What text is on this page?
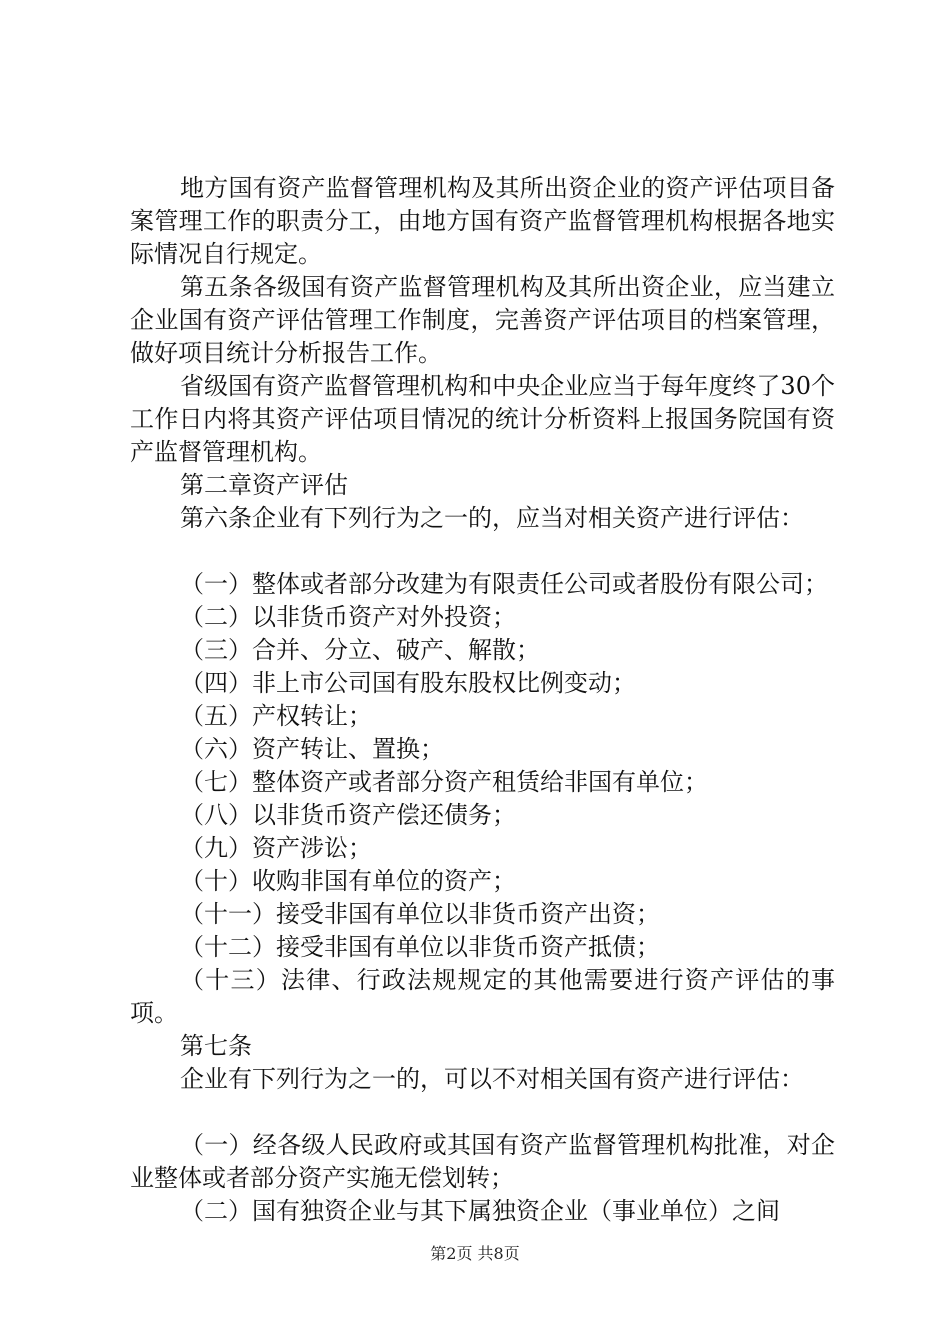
地方国有资产监督管理机构及其所出资企业的资产评估项目备案管理工作的职责分工，由地方国有资产监督管理机构根据各地实际情况自行规定。

第五条各级国有资产监督管理机构及其所出资企业，应当建立企业国有资产评估管理工作制度，完善资产评估项目的档案管理，做好项目统计分析报告工作。

省级国有资产监督管理机构和中央企业应当于每年度终了30个工作日内将其资产评估项目情况的统计分析资料上报国务院国有资产监督管理机构。

第二章资产评估

第六条企业有下列行为之一的，应当对相关资产进行评估：

（一）整体或者部分改建为有限责任公司或者股份有限公司；

（二）以非货币资产对外投资；

（三）合并、分立、破产、解散；

（四）非上市公司国有股东股权比例变动；

（五）产权转让；

（六）资产转让、置换；

（七）整体资产或者部分资产租赁给非国有单位；

（八）以非货币资产偿还债务；

（九）资产涉讼；

（十）收购非国有单位的资产；

（十一）接受非国有单位以非货币资产出资；

（十二）接受非国有单位以非货币资产抵债；

（十三）法律、行政法规规定的其他需要进行资产评估的事项。

第七条

企业有下列行为之一的，可以不对相关国有资产进行评估：

（一）经各级人民政府或其国有资产监督管理机构批准，对企业整体或者部分资产实施无偿划转；

（二）国有独资企业与其下属独资企业（事业单位）之间

第2页 共8页
